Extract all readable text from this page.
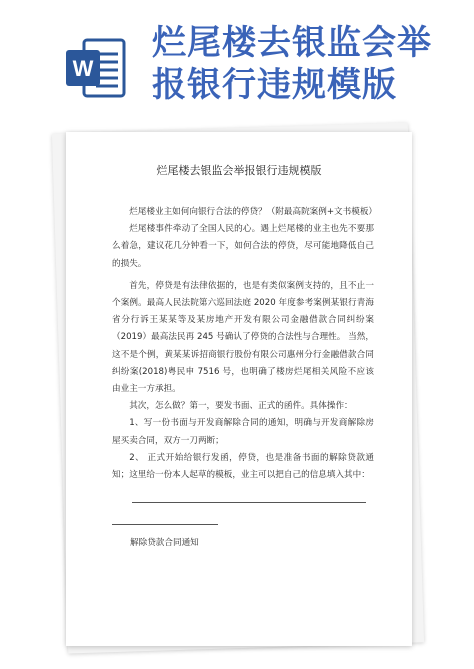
W
烂尾楼去银监会举
报银行违规模版
烂尾楼去银监会举报银行违规模版

烂尾楼业主如何向银行合法的停贷？（附最高院案例+文书模板）

烂尾楼事件牵动了全国人民的心。遇上烂尾楼的业主也先不要那么着急，建议花几分钟看一下，如何合法的停贷，尽可能地降低自己的损失。

首先，停贷是有法律依据的，也是有类似案例支持的，且不止一个案例。最高人民法院第六巡回法庭 2020 年度参考案例某银行青海省分行诉王某某等及某房地产开发有限公司金融借款合同纠纷案（2019）最高法民再 245 号确认了停贷的合法性与合理性。 当然，这不是个例，黄某某诉招商银行股份有限公司惠州分行金融借款合同纠纷案(2018)粤民申 7516 号，也明确了楼房烂尾相关风险不应该由业主一方承担。

其次，怎么做？第一，要发书面、正式的函件。具体操作：

1、写一份书面与开发商解除合同的通知，明确与开发商解除房屋买卖合同，双方一刀两断；

2、 正式开始给银行发函，停贷，也是准备书面的解除贷款通知；这里给一份本人起草的模板，业主可以把自己的信息填入其中：

解除贷款合同通知
